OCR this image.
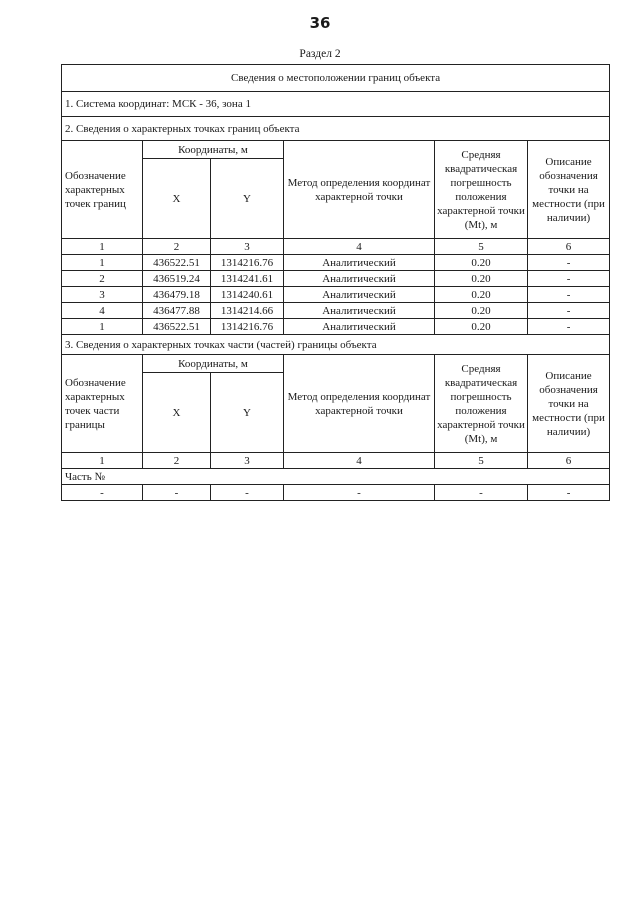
36
Раздел 2
Сведения о местоположении границ объекта					
1. Система координат: МСК - 36, зона 1					
2. Сведения о характерных точках границ объекта					
Обозначение характерных точек границ	Координаты, м		Метод определения координат характерной точки	Средняя квадратическая погрешность положения характерной точки (Mt), м	Описание обозначения точки на местности (при наличии)
	X	Y			
1	2	3	4	5	6
1	436522.51	1314216.76	Аналитический	0.20	-
2	436519.24	1314241.61	Аналитический	0.20	-
3	436479.18	1314240.61	Аналитический	0.20	-
4	436477.88	1314214.66	Аналитический	0.20	-
1	436522.51	1314216.76	Аналитический	0.20	-
3. Сведения о характерных точках части (частей) границы объекта					
Обозначение характерных точек части границы	Координаты, м		Метод определения координат характерной точки	Средняя квадратическая погрешность положения характерной точки (Mt), м	Описание обозначения точки на местности (при наличии)
	X	Y			
1	2	3	4	5	6
Часть №					
-	-	-	-	-	-
